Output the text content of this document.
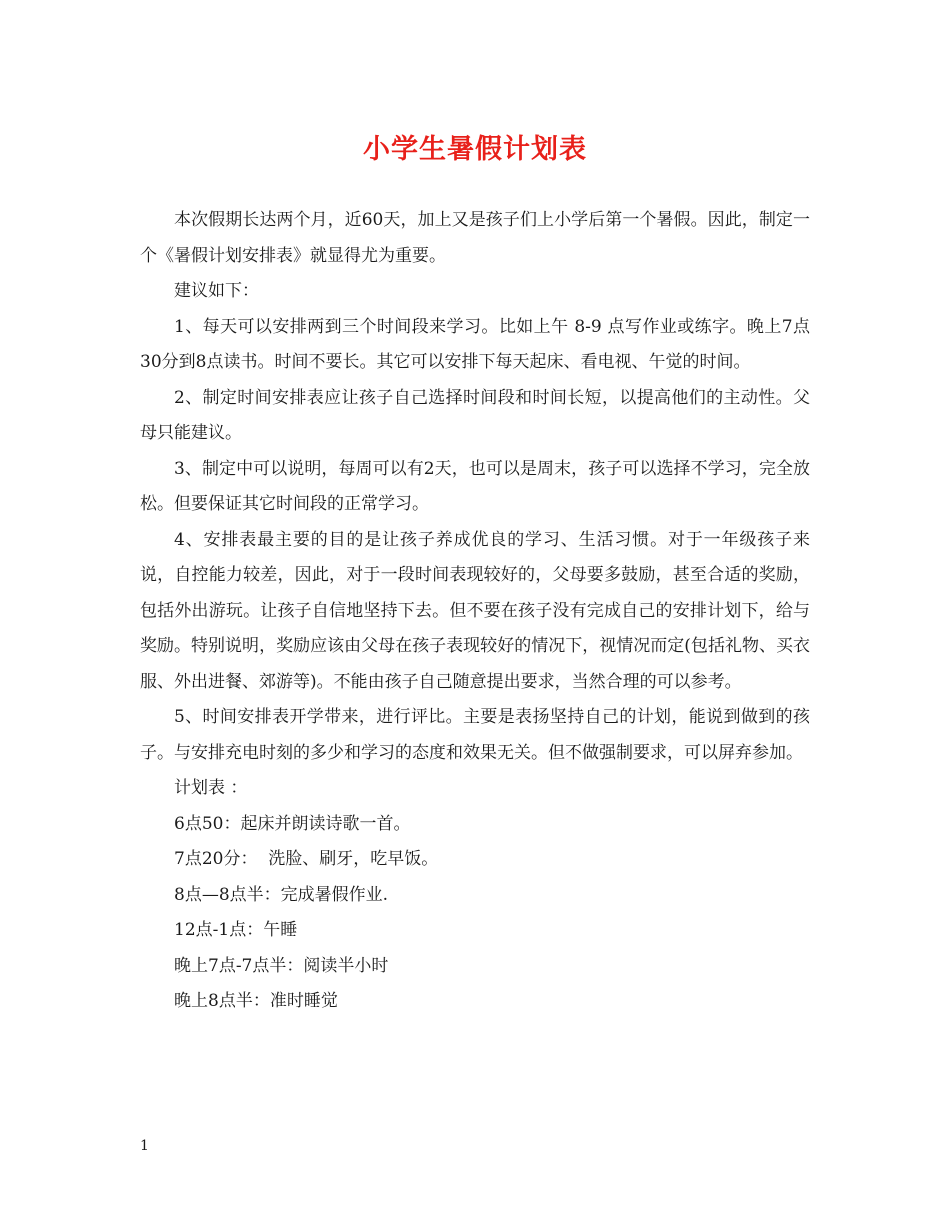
小学生暑假计划表

本次假期长达两个月，近60天，加上又是孩子们上小学后第一个暑假。因此，制定一个《暑假计划安排表》就显得尤为重要。

建议如下：

1、每天可以安排两到三个时间段来学习。比如上午 8-9 点写作业或练字。晚上7点30分到8点读书。时间不要长。其它可以安排下每天起床、看电视、午觉的时间。

2、制定时间安排表应让孩子自己选择时间段和时间长短，以提高他们的主动性。父母只能建议。

3、制定中可以说明，每周可以有2天，也可以是周末，孩子可以选择不学习，完全放松。但要保证其它时间段的正常学习。

4、安排表最主要的目的是让孩子养成优良的学习、生活习惯。对于一年级孩子来说，自控能力较差，因此，对于一段时间表现较好的，父母要多鼓励，甚至合适的奖励，包括外出游玩。让孩子自信地坚持下去。但不要在孩子没有完成自己的安排计划下，给与奖励。特别说明，奖励应该由父母在孩子表现较好的情况下，视情况而定(包括礼物、买衣服、外出进餐、郊游等)。不能由孩子自己随意提出要求，当然合理的可以参考。

5、时间安排表开学带来，进行评比。主要是表扬坚持自己的计划，能说到做到的孩子。与安排充电时刻的多少和学习的态度和效果无关。但不做强制要求，可以屏弃参加。

计划表 ：

6点50：起床并朗读诗歌一首。

7点20分：  洗脸、刷牙，吃早饭。

8点—8点半：完成暑假作业.

12点-1点：午睡

晚上7点-7点半：阅读半小时

晚上8点半：准时睡觉

1
